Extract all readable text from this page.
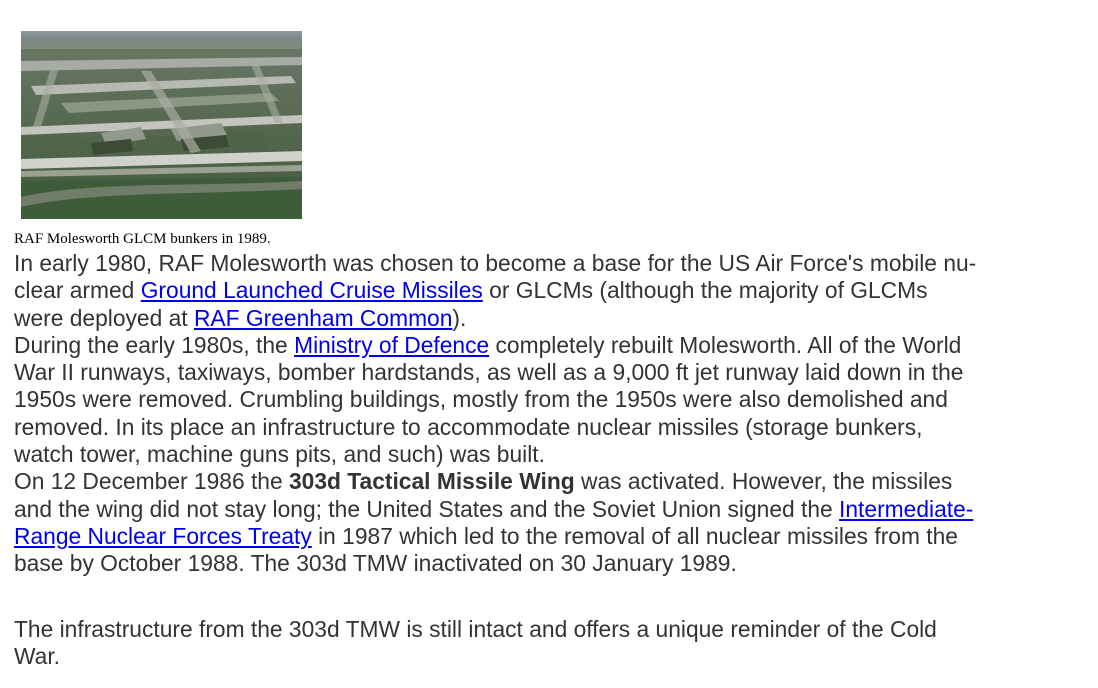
RAF Molesworth GLCM bunkers in 1989.

In early 1980, RAF Molesworth was chosen to become a base for the US Air Force's mobile nu-
clear armed Ground Launched Cruise Missiles or GLCMs (although the majority of GLCMs
were deployed at RAF Greenham Common).

During the early 1980s, the Ministry of Defence completely rebuilt Molesworth. All of the World
War II runways, taxiways, bomber hardstands, as well as a 9,000 ft jet runway laid down in the
1950s were removed. Crumbling buildings, mostly from the 1950s were also demolished and
removed. In its place an infrastructure to accommodate nuclear missiles (storage bunkers,
watch tower, machine guns pits, and such) was built.

On 12 December 1986 the 303d Tactical Missile Wing was activated. However, the missiles
and the wing did not stay long; the United States and the Soviet Union signed the Intermediate-
Range Nuclear Forces Treaty in 1987 which led to the removal of all nuclear missiles from the
base by October 1988. The 303d TMW inactivated on 30 January 1989.

The infrastructure from the 303d TMW is still intact and offers a unique reminder of the Cold
War.
